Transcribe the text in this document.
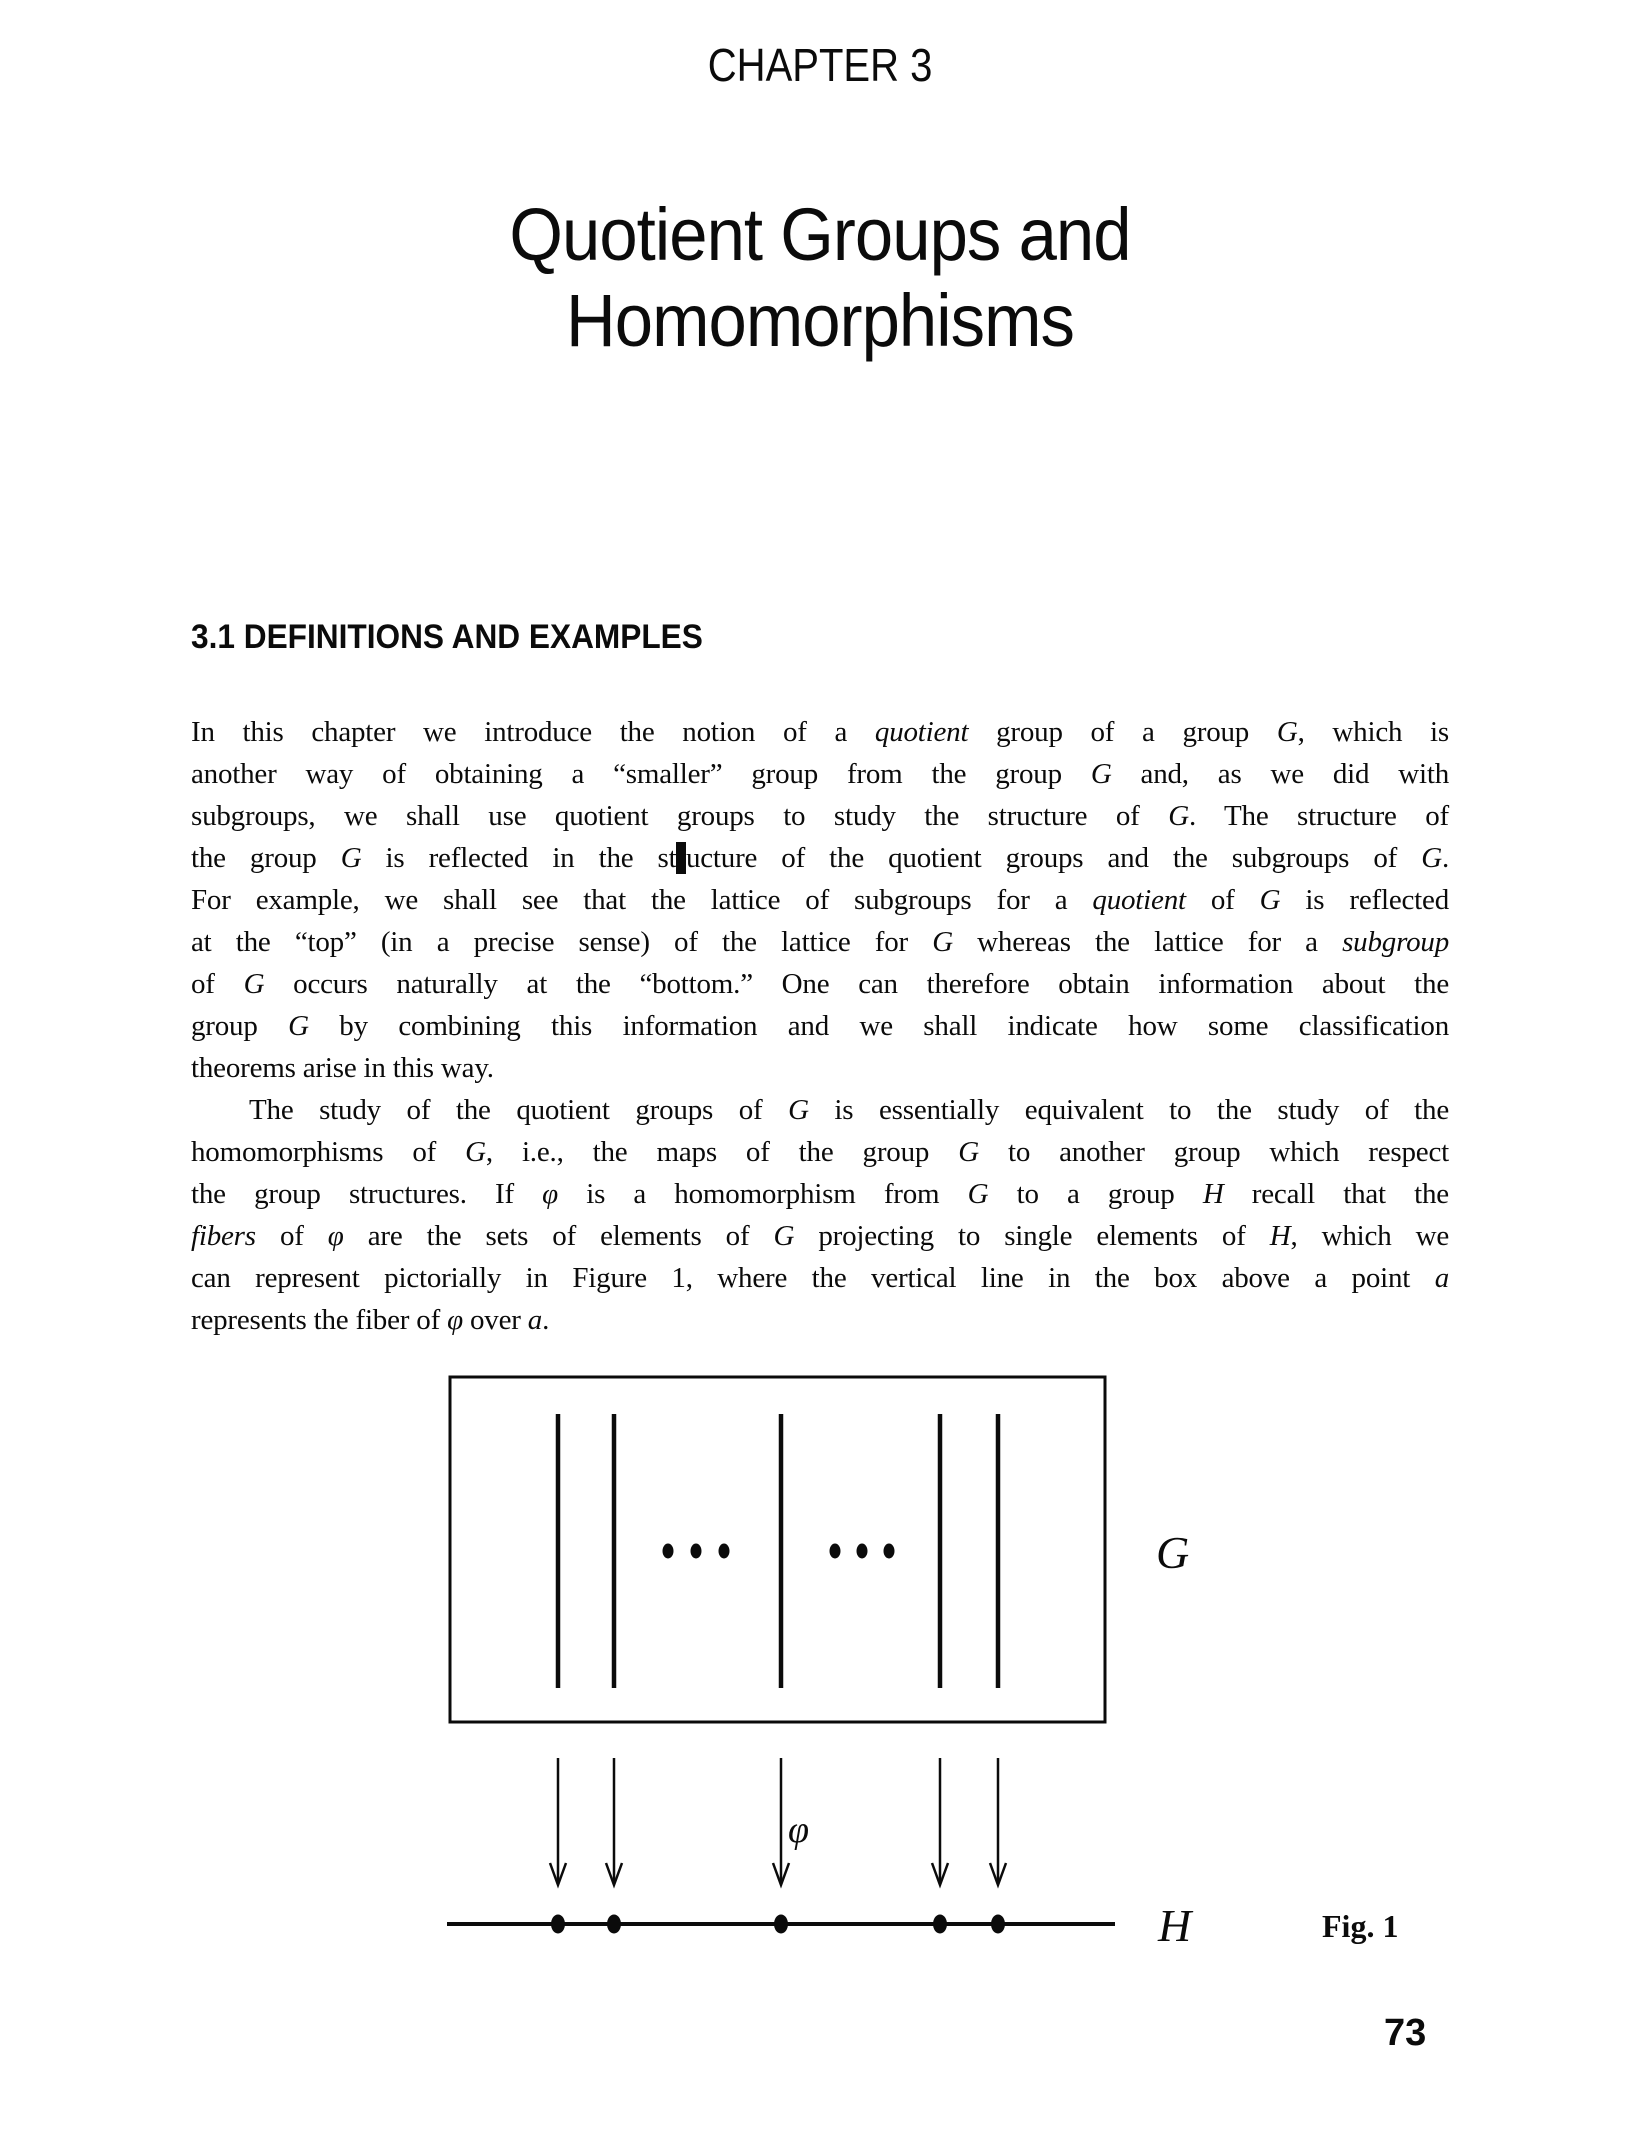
CHAPTER 3
Quotient Groups and
Homomorphisms
3.1 DEFINITIONS AND EXAMPLES
In this chapter we introduce the notion of a quotient group of a group G, which is
another way of obtaining a “smaller” group from the group G and, as we did with
subgroups, we shall use quotient groups to study the structure of G. The structure of
the group G is reflected in the st ucture of the quotient groups and the subgroups of G.
For example, we shall see that the lattice of subgroups for a quotient of G is reflected
at the “top” (in a precise sense) of the lattice for G whereas the lattice for a subgroup
of G occurs naturally at the “bottom.” One can therefore obtain information about the
group G by combining this information and we shall indicate how some classification
theorems arise in this way.
The study of the quotient groups of G is essentially equivalent to the study of the
homomorphisms of G, i.e., the maps of the group G to another group which respect
the group structures. If φ is a homomorphism from G to a group H recall that the
fibers of φ are the sets of elements of G projecting to single elements of H, which we
can represent pictorially in Figure 1, where the vertical line in the box above a point a
represents the fiber of φ over a.
G
H
φ
Fig. 1
73
